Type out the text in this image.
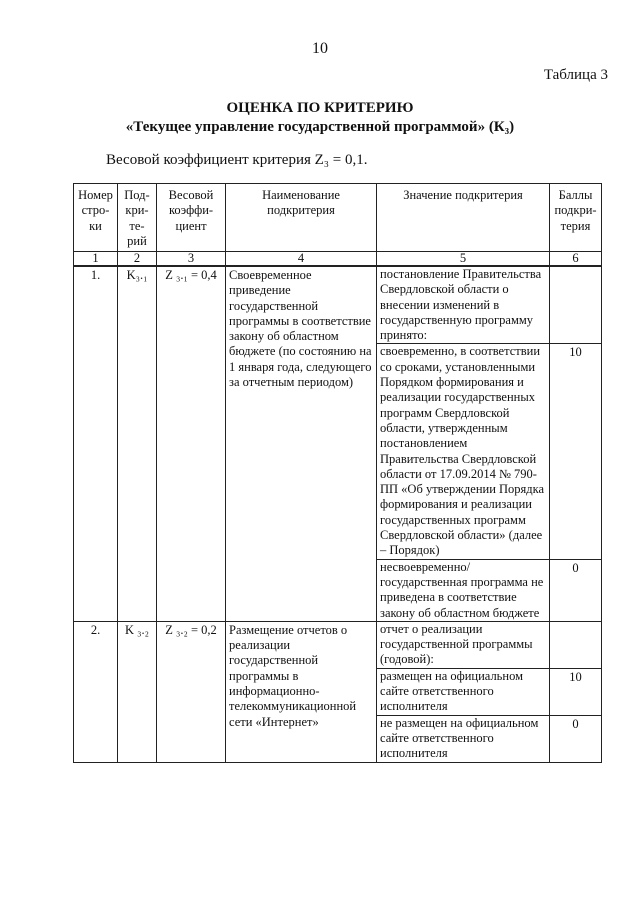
10
Таблица 3
ОЦЕНКА ПО КРИТЕРИЮ
«Текущее управление государственной программой» (К₃)
Весовой коэффициент критерия Z₃ = 0,1.
Номер стро-ки	Под-кри-те-рий	Весовой коэффи-циент	Наименование подкритерия	Значение подкритерия	Баллы подкри-терия
1	2	3	4	5	6
1.	K₃.₁	Z ₃.₁ = 0,4	Своевременное приведение государственной программы в соответствие закону об областном бюджете (по состоянию на 1 января года, следующего за отчетным периодом)	постановление Правительства Свердловской области о внесении изменений в государственную программу принято:	
				своевременно, в соответствии со сроками, установленными Порядком формирования и реализации государственных программ Свердловской области, утвержденным постановлением Правительства Свердловской области от 17.09.2014 № 790-ПП «Об утверждении Порядка формирования и реализации государственных программ Свердловской области» (далее – Порядок)	10
				несвоевременно/ государственная программа не приведена в соответствие закону об областном бюджете	0
2.	K ₃.₂	Z ₃.₂ = 0,2	Размещение отчетов о реализации государственной программы в информационно-телекоммуникационной сети «Интернет»	отчет о реализации государственной программы (годовой):	
				размещен на официальном сайте ответственного исполнителя	10
				не размещен на официальном сайте ответственного исполнителя	0
